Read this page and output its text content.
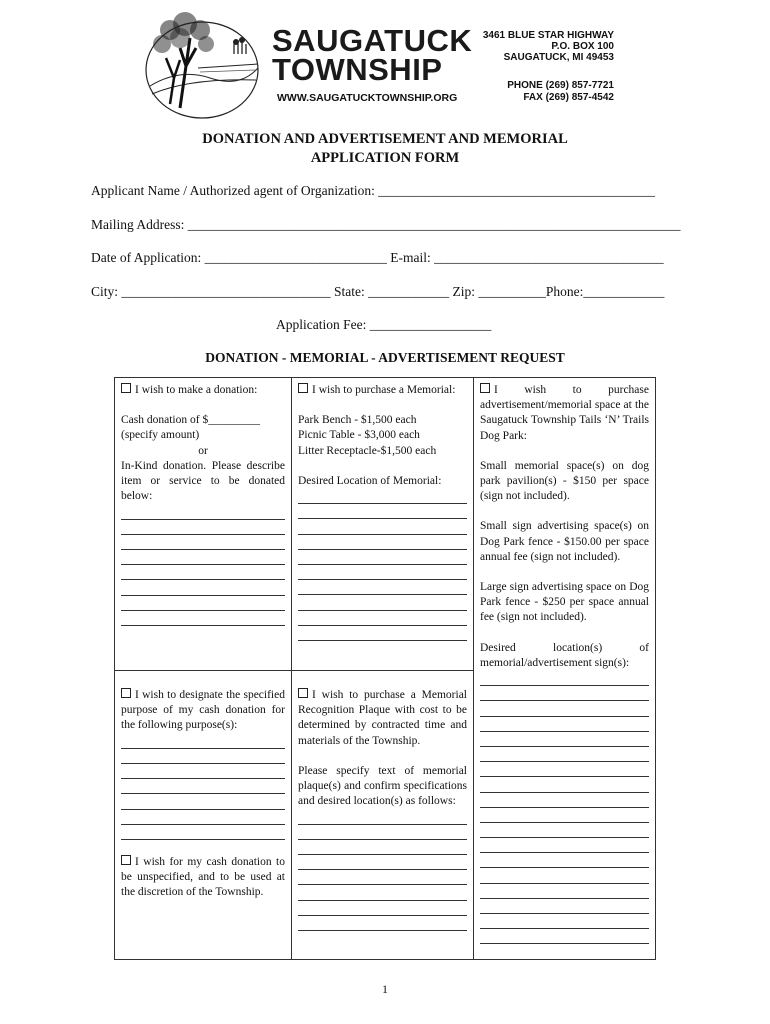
SAUGATUCK
TOWNSHIP
WWW.SAUGATUCKTOWNSHIP.ORG
3461 BLUE STAR HIGHWAY
P.O. BOX 100
SAUGATUCK, MI 49453
PHONE (269) 857-7721
FAX (269) 857-4542
DONATION AND ADVERTISEMENT AND MEMORIAL
APPLICATION FORM
Applicant Name / Authorized agent of Organization: _________________________________________
Mailing Address: _________________________________________________________________________
Date of Application: ___________________________ E-mail: __________________________________
City: _______________________________ State: ____________ Zip: __________Phone:____________
Application Fee: __________________
DONATION - MEMORIAL - ADVERTISEMENT REQUEST

I wish to make a donation:

Cash donation of $_________

(specify amount)

or

In-Kind donation. Please describe item or service to be donated below:

I wish to designate the specified purpose of my cash donation for the following purpose(s):

I wish for my cash donation to be unspecified, and to be used at the discretion of the Township.

I wish to purchase a Memorial:

Park Bench - $1,500 each

Picnic Table - $3,000 each

Litter Receptacle-$1,500 each

Desired Location of Memorial:

I wish to purchase a Memorial Recognition Plaque with cost to be determined by contracted time and materials of the Township.

Please specify text of memorial plaque(s) and confirm specifications and desired location(s) as follows:

I wish to purchase advertisement/memorial space at the Saugatuck Township Tails ‘N’ Trails Dog Park:

Small memorial space(s) on dog park pavilion(s) - $150 per space (sign not included).

Small sign advertising space(s) on Dog Park fence - $150.00 per space annual fee (sign not included).

Large sign advertising space on Dog Park fence - $250 per space annual fee (sign not included).

Desired location(s) of memorial/advertisement sign(s):

1
